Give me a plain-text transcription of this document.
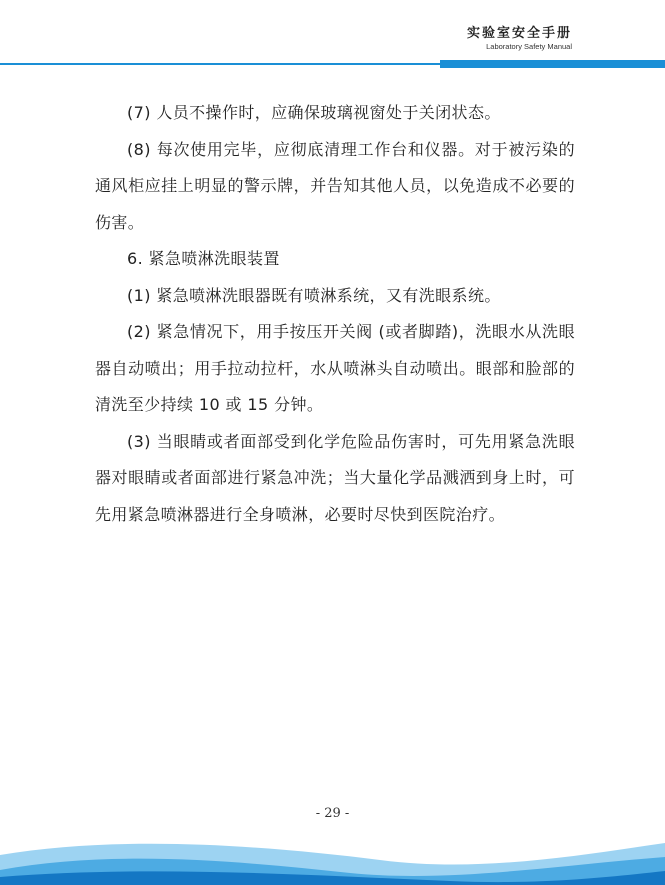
实验室安全手册
Laboratory Safety Manual

(7) 人员不操作时，应确保玻璃视窗处于关闭状态。

(8) 每次使用完毕，应彻底清理工作台和仪器。对于被污染的通风柜应挂上明显的警示牌，并告知其他人员，以免造成不必要的伤害。

6. 紧急喷淋洗眼装置

(1) 紧急喷淋洗眼器既有喷淋系统，又有洗眼系统。

(2) 紧急情况下，用手按压开关阀 (或者脚踏)，洗眼水从洗眼器自动喷出；用手拉动拉杆，水从喷淋头自动喷出。眼部和脸部的清洗至少持续 10 或 15 分钟。

(3) 当眼睛或者面部受到化学危险品伤害时，可先用紧急洗眼器对眼睛或者面部进行紧急冲洗；当大量化学品溅洒到身上时，可先用紧急喷淋器进行全身喷淋，必要时尽快到医院治疗。

- 29 -
